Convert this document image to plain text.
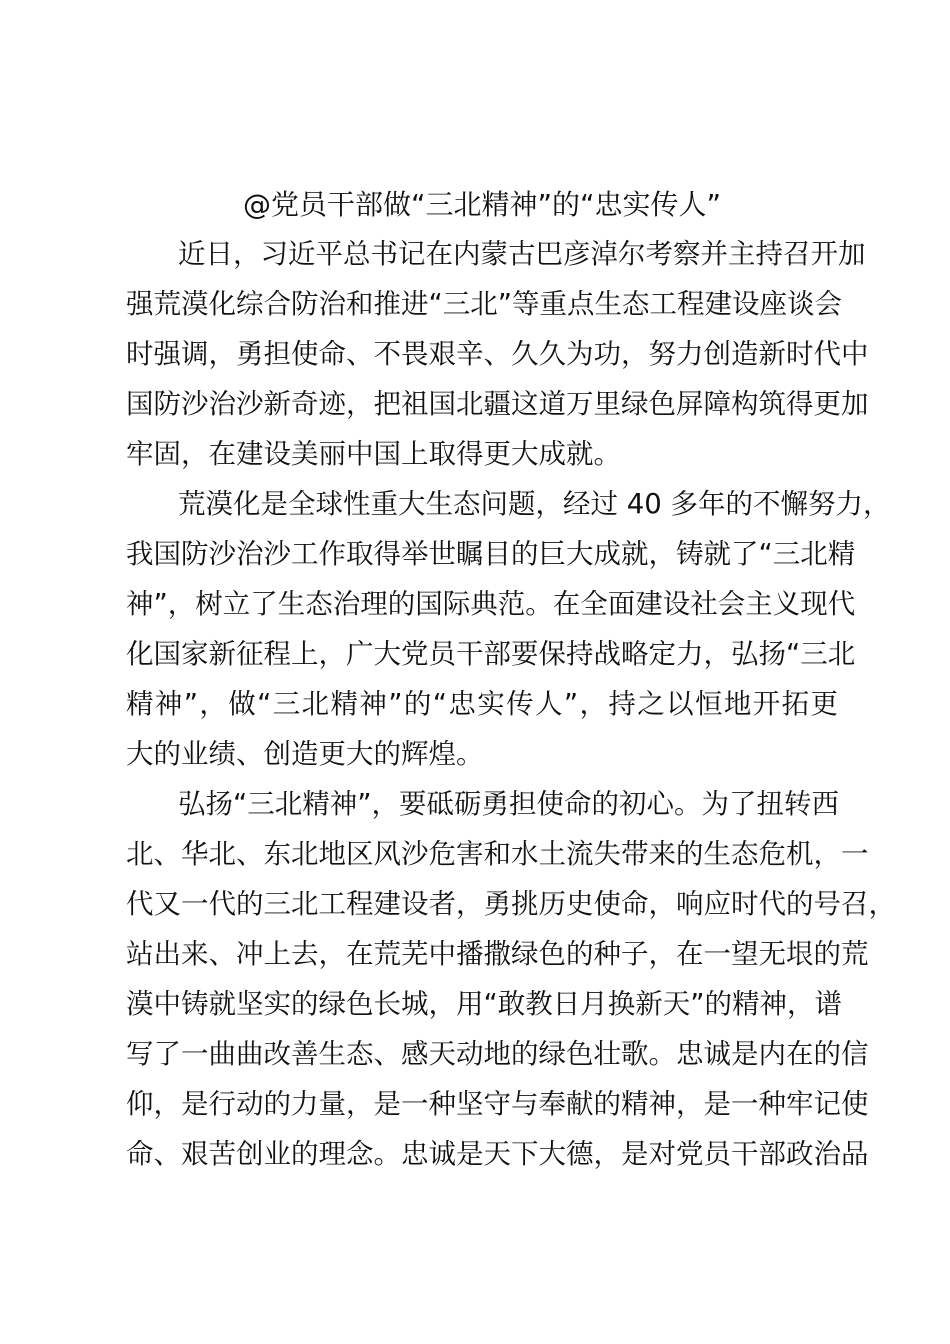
@党员干部做“三北精神”的“忠实传人”

近日，习近平总书记在内蒙古巴彦淖尔考察并主持召开加

强荒漠化综合防治和推进“三北”等重点生态工程建设座谈会

时强调，勇担使命、不畏艰辛、久久为功，努力创造新时代中

国防沙治沙新奇迹，把祖国北疆这道万里绿色屏障构筑得更加

牢固，在建设美丽中国上取得更大成就。

荒漠化是全球性重大生态问题，经过 40 多年的不懈努力，

我国防沙治沙工作取得举世瞩目的巨大成就，铸就了“三北精

神”，树立了生态治理的国际典范。在全面建设社会主义现代

化国家新征程上，广大党员干部要保持战略定力，弘扬“三北

精神”，做“三北精神”的“忠实传人”，持之以恒地开拓更

大的业绩、创造更大的辉煌。

弘扬“三北精神”，要砥砺勇担使命的初心。为了扭转西

北、华北、东北地区风沙危害和水土流失带来的生态危机，一

代又一代的三北工程建设者，勇挑历史使命，响应时代的号召，

站出来、冲上去，在荒芜中播撒绿色的种子，在一望无垠的荒

漠中铸就坚实的绿色长城，用“敢教日月换新天”的精神，谱

写了一曲曲改善生态、感天动地的绿色壮歌。忠诚是内在的信

仰，是行动的力量，是一种坚守与奉献的精神，是一种牢记使

命、艰苦创业的理念。忠诚是天下大德，是对党员干部政治品
